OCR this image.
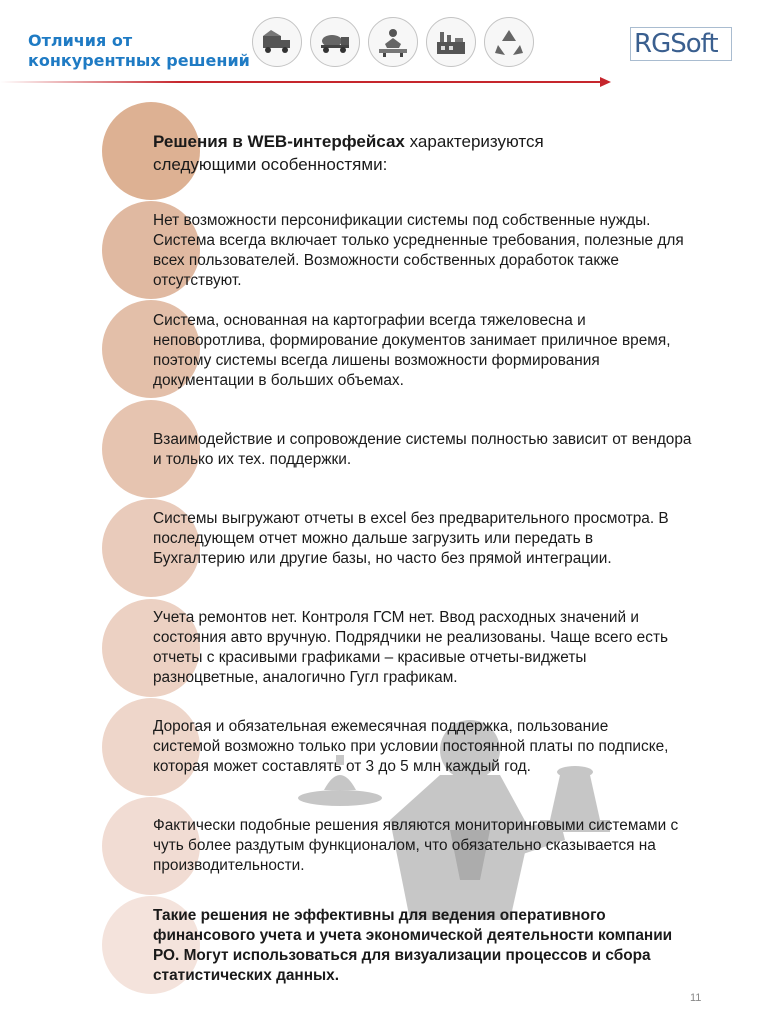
Отличия от
конкурентных решений
RGSoft
Решения в WEB-интерфейсах характеризуются следующими особенностями:
Нет возможности персонификации системы под собственные нужды. Система всегда включает только усредненные требования, полезные для всех пользователей. Возможности собственных доработок также отсутствуют.
Система, основанная на картографии всегда тяжеловесна и неповоротлива, формирование документов занимает приличное время, поэтому системы всегда лишены возможности формирования документации в больших объемах.
Взаимодействие и сопровождение системы полностью зависит от вендора и только их тех. поддержки.
Системы выгружают отчеты в excel без предварительного просмотра. В последующем отчет можно дальше загрузить или передать в Бухгалтерию или другие базы, но часто без прямой интеграции.
Учета ремонтов нет. Контроля ГСМ нет. Ввод расходных значений и состояния авто вручную. Подрядчики не реализованы. Чаще всего есть отчеты с красивыми графиками – красивые отчеты-виджеты разноцветные, аналогично Гугл графикам.
Дорогая и обязательная ежемесячная поддержка, пользование системой возможно только при условии постоянной платы по подписке, которая может составлять от 3 до 5 млн каждый год.
Фактически подобные решения являются мониторинговыми системами с чуть более раздутым функционалом, что обязательно сказывается на производительности.
Такие решения не эффективны для ведения оперативного финансового учета и учета экономической деятельности компании РО. Могут использоваться для визуализации процессов и сбора статистических данных.
11
